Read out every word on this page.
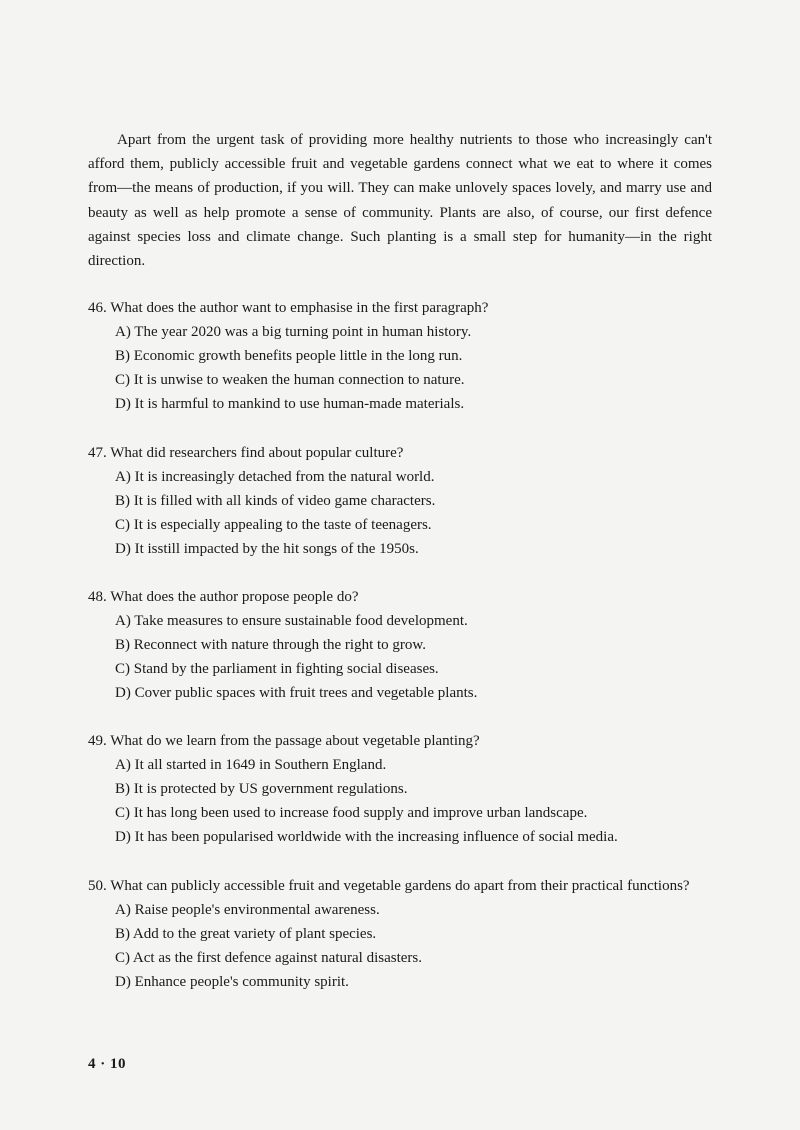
Apart from the urgent task of providing more healthy nutrients to those who increasingly can't afford them, publicly accessible fruit and vegetable gardens connect what we eat to where it comes from—the means of production, if you will. They can make unlovely spaces lovely, and marry use and beauty as well as help promote a sense of community. Plants are also, of course, our first defence against species loss and climate change. Such planting is a small step for humanity—in the right direction.

46. What does the author want to emphasise in the first paragraph?

A) The year 2020 was a big turning point in human history.
B) Economic growth benefits people little in the long run.
C) It is unwise to weaken the human connection to nature.
D) It is harmful to mankind to use human-made materials.

47. What did researchers find about popular culture?

A) It is increasingly detached from the natural world.
B) It is filled with all kinds of video game characters.
C) It is especially appealing to the taste of teenagers.
D) It isstill impacted by the hit songs of the 1950s.

48. What does the author propose people do?

A) Take measures to ensure sustainable food development.
B) Reconnect with nature through the right to grow.
C) Stand by the parliament in fighting social diseases.
D) Cover public spaces with fruit trees and vegetable plants.

49. What do we learn from the passage about vegetable planting?

A) It all started in 1649 in Southern England.
B) It is protected by US government regulations.
C) It has long been used to increase food supply and improve urban landscape.
D) It has been popularised worldwide with the increasing influence of social media.

50. What can publicly accessible fruit and vegetable gardens do apart from their practical functions?

A) Raise people's environmental awareness.
B) Add to the great variety of plant species.
C) Act as the first defence against natural disasters.
D) Enhance people's community spirit.

4 · 10
